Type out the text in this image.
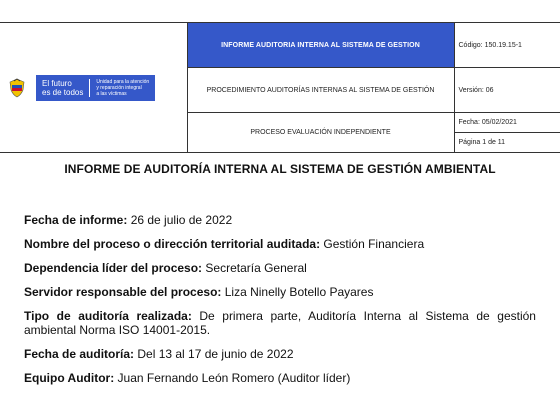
El futuro
es de todos
Unidad para la atención
y reparación integral
a las víctimas	INFORME AUDITORIA INTERNA AL SISTEMA DE GESTION	Código: 150.19.15-1
	PROCEDIMIENTO AUDITORÍAS INTERNAS AL SISTEMA DE GESTIÓN	Versión: 06
	PROCESO EVALUACIÓN INDEPENDIENTE	Fecha: 05/02/2021
Página 1 de 11
INFORME DE AUDITORÍA INTERNA AL SISTEMA DE GESTIÓN AMBIENTAL
Fecha de informe: 26 de julio de 2022
Nombre del proceso o dirección territorial auditada: Gestión Financiera
Dependencia líder del proceso: Secretaría General
Servidor responsable del proceso: Liza Ninelly Botello Payares
Tipo de auditoría realizada: De primera parte, Auditoría Interna al Sistema de gestión ambiental Norma ISO 14001-2015.
Fecha de auditoría: Del 13 al 17 de junio de 2022
Equipo Auditor: Juan Fernando León Romero (Auditor líder)
